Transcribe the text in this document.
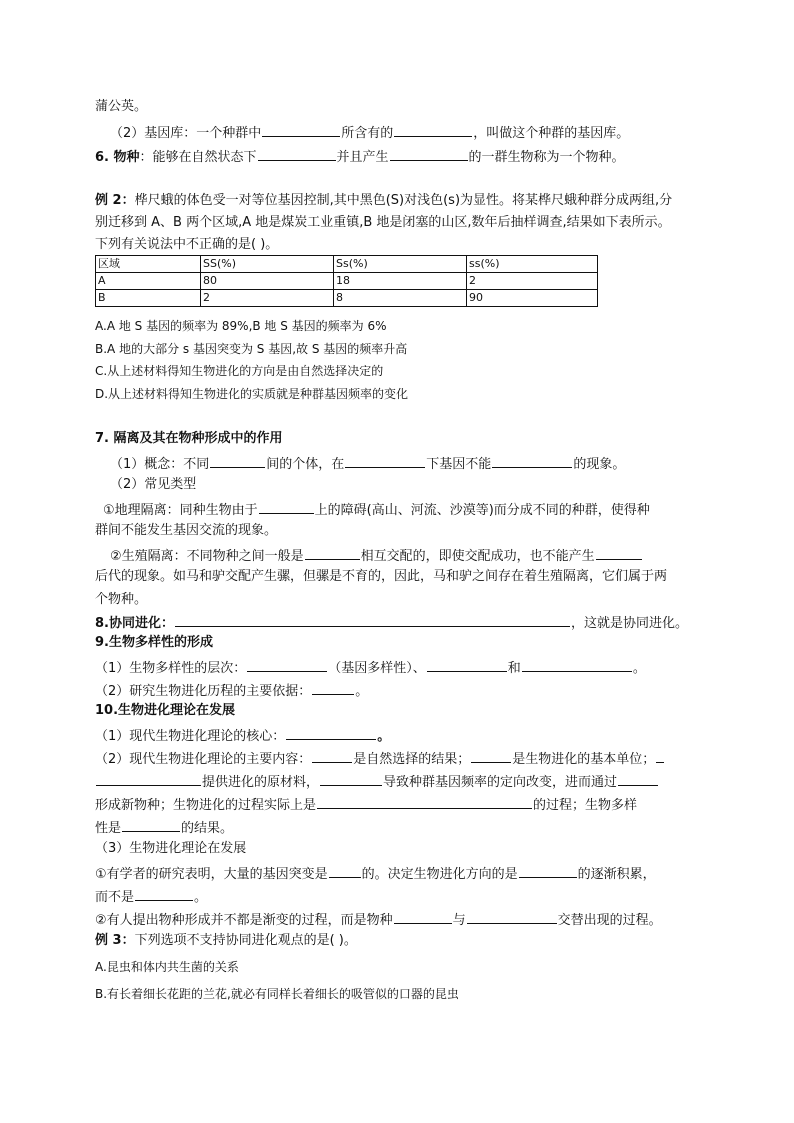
蒲公英。
（2）基因库：一个种群中	所含有的	，叫做这个种群的基因库。
6. 物种：能够在自然状态下	并且产生	的一群生物称为一个物种。
例 2：桦尺蛾的体色受一对等位基因控制,其中黑色(S)对浅色(s)为显性。将某桦尺蛾种群分成两组,分
别迁移到 A、B 两个区域,A 地是煤炭工业重镇,B 地是闭塞的山区,数年后抽样调查,结果如下表所示。
下列有关说法中不正确的是( )。
区域	SS(%)	Ss(%)	ss(%)
A	80	18	2
B	2	8	90
A.A 地 S 基因的频率为 89%,B 地 S 基因的频率为 6%
B.A 地的大部分 s 基因突变为 S 基因,故 S 基因的频率升高
C.从上述材料得知生物进化的方向是由自然选择决定的
D.从上述材料得知生物进化的实质就是种群基因频率的变化
7. 隔离及其在物种形成中的作用
（1）概念：不同	间的个体，在	下基因不能	的现象。
（2）常见类型
①地理隔离：同种生物由于	上的障碍(高山、河流、沙漠等)而分成不同的种群，使得种
群间不能发生基因交流的现象。
②生殖隔离：不同物种之间一般是	相互交配的，即使交配成功，也不能产生
后代的现象。如马和驴交配产生骡，但骡是不育的，因此，马和驴之间存在着生殖隔离，它们属于两
个物种。
8.协同进化：	，这就是协同进化。
9.生物多样性的形成
（1）生物多样性的层次：	（基因多样性）、	和	。
（2）研究生物进化历程的主要依据：	。
10.生物进化理论在发展
（1）现代生物进化理论的核心：	。
（2）现代生物进化理论的主要内容：	是自然选择的结果；	是生物进化的基本单位；
提供进化的原材料，	导致种群基因频率的定向改变，进而通过
形成新物种；生物进化的过程实际上是	的过程；生物多样
性是	的结果。
（3）生物进化理论在发展
①有学者的研究表明，大量的基因突变是	的。决定生物进化方向的是	的逐渐积累，
而不是	。
②有人提出物种形成并不都是渐变的过程，而是物种	与	交替出现的过程。
例 3：下列选项不支持协同进化观点的是( )。
A.昆虫和体内共生菌的关系
B.有长着细长花距的兰花,就必有同样长着细长的吸管似的口器的昆虫
